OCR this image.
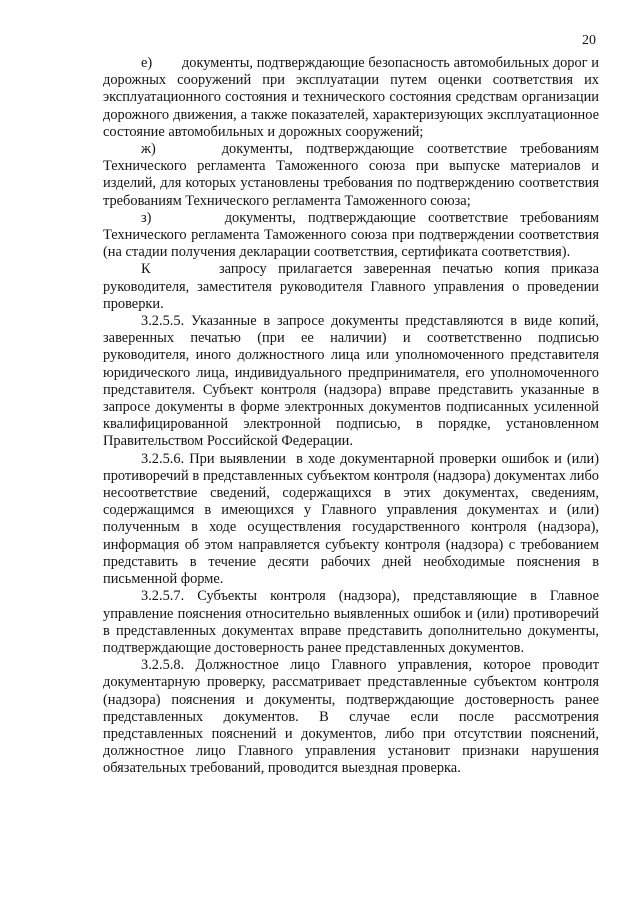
20

е)        документы, подтверждающие безопасность автомобильных дорог и дорожных сооружений при эксплуатации путем оценки соответствия их эксплуатационного состояния и технического состояния средствам организации дорожного движения, а также показателей, характеризующих эксплуатационное состояние автомобильных и дорожных сооружений;

ж)     документы, подтверждающие соответствие требованиям Технического регламента Таможенного союза при выпуске материалов и изделий, для которых установлены требования по подтверждению соответствия требованиям Технического регламента Таможенного союза;

з)      документы, подтверждающие соответствие требованиям Технического регламента Таможенного союза при подтверждении соответствия (на стадии получения декларации соответствия, сертификата соответствия).

К      запросу прилагается заверенная печатью копия приказа руководителя, заместителя руководителя Главного управления о проведении проверки.

3.2.5.5. Указанные в запросе документы представляются в виде копий, заверенных печатью (при ее наличии) и соответственно подписью руководителя, иного должностного лица или уполномоченного представителя юридического лица, индивидуального предпринимателя, его уполномоченного представителя. Субъект контроля (надзора) вправе представить указанные в запросе документы в форме электронных документов подписанных усиленной квалифицированной электронной подписью, в порядке, установленном Правительством Российской Федерации.

3.2.5.6. При выявлении  в ходе документарной проверки ошибок и (или) противоречий в представленных субъектом контроля (надзора) документах либо несоответствие сведений, содержащихся в этих документах, сведениям, содержащимся в имеющихся у Главного управления документах и (или) полученным в ходе осуществления государственного контроля (надзора), информация об этом направляется субъекту контроля (надзора) с требованием представить в течение десяти рабочих дней необходимые пояснения в письменной форме.

3.2.5.7. Субъекты контроля (надзора), представляющие в Главное управление пояснения относительно выявленных ошибок и (или) противоречий в представленных документах вправе представить дополнительно документы, подтверждающие достоверность ранее представленных документов.

3.2.5.8. Должностное лицо Главного управления, которое проводит документарную проверку, рассматривает представленные субъектом контроля (надзора) пояснения и документы, подтверждающие достоверность ранее представленных документов. В случае если после рассмотрения представленных пояснений и документов, либо при отсутствии пояснений, должностное лицо Главного управления установит признаки нарушения обязательных требований, проводится выездная проверка.
